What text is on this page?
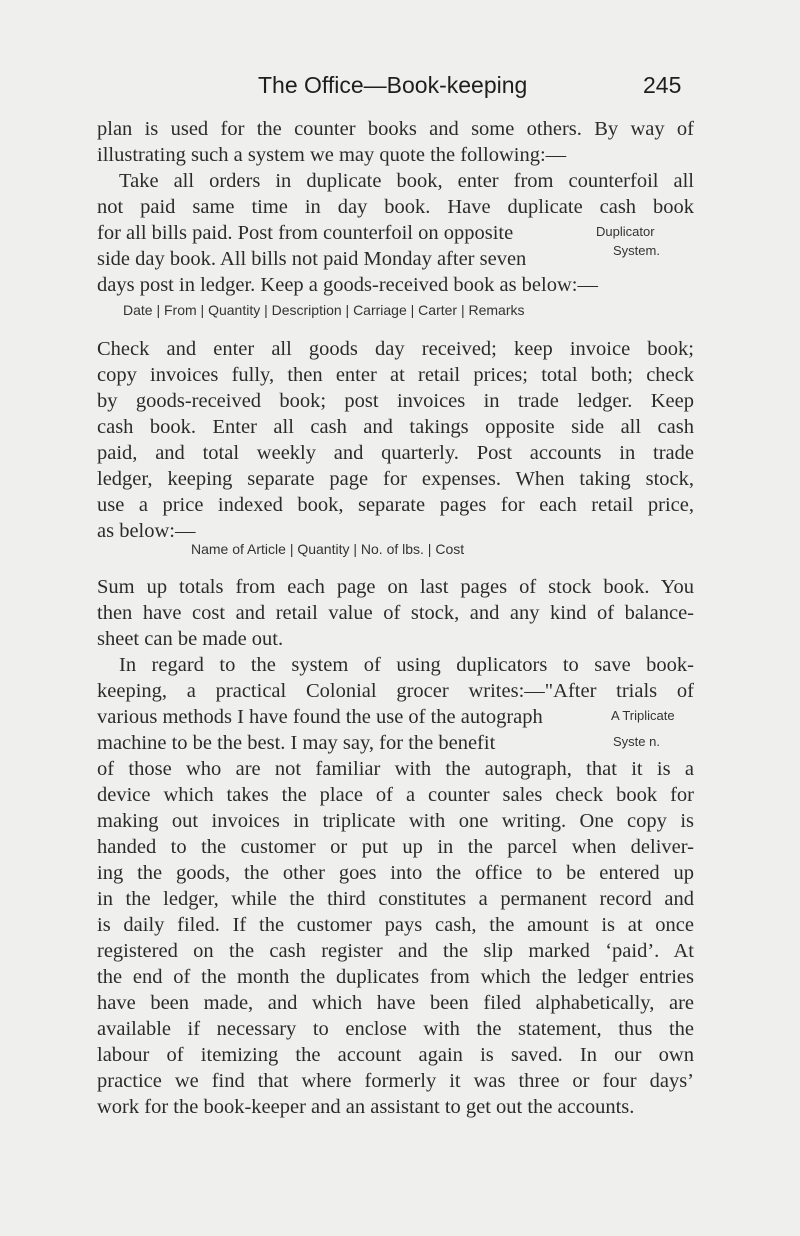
The Office—Book-keeping	245
plan is used for the counter books and some others. By way of
illustrating such a system we may quote the following:—
Take all orders in duplicate book, enter from counterfoil all
not paid same time in day book. Have duplicate cash book
for all bills paid. Post from counterfoil on opposite
side day book. All bills not paid Monday after seven
days post in ledger. Keep a goods-received book as below:—
Duplicator
System.
Date | From | Quantity | Description | Carriage | Carter | Remarks
Check and enter all goods day received; keep invoice book;
copy invoices fully, then enter at retail prices; total both; check
by goods-received book; post invoices in trade ledger. Keep
cash book. Enter all cash and takings opposite side all cash
paid, and total weekly and quarterly. Post accounts in trade
ledger, keeping separate page for expenses. When taking stock,
use a price indexed book, separate pages for each retail price,
as below:—
Name of Article | Quantity | No. of lbs. | Cost
Sum up totals from each page on last pages of stock book. You
then have cost and retail value of stock, and any kind of balance-
sheet can be made out.
In regard to the system of using duplicators to save book-
keeping, a practical Colonial grocer writes:—"After trials of
various methods I have found the use of the autograph
machine to be the best. I may say, for the benefit
of those who are not familiar with the autograph, that it is a
device which takes the place of a counter sales check book for
making out invoices in triplicate with one writing. One copy is
handed to the customer or put up in the parcel when deliver-
ing the goods, the other goes into the office to be entered up
in the ledger, while the third constitutes a permanent record and
is daily filed. If the customer pays cash, the amount is at once
registered on the cash register and the slip marked ‘paid’. At
the end of the month the duplicates from which the ledger entries
have been made, and which have been filed alphabetically, are
available if necessary to enclose with the statement, thus the
labour of itemizing the account again is saved. In our own
practice we find that where formerly it was three or four days’
work for the book-keeper and an assistant to get out the accounts.
A Triplicate
Syste n.
